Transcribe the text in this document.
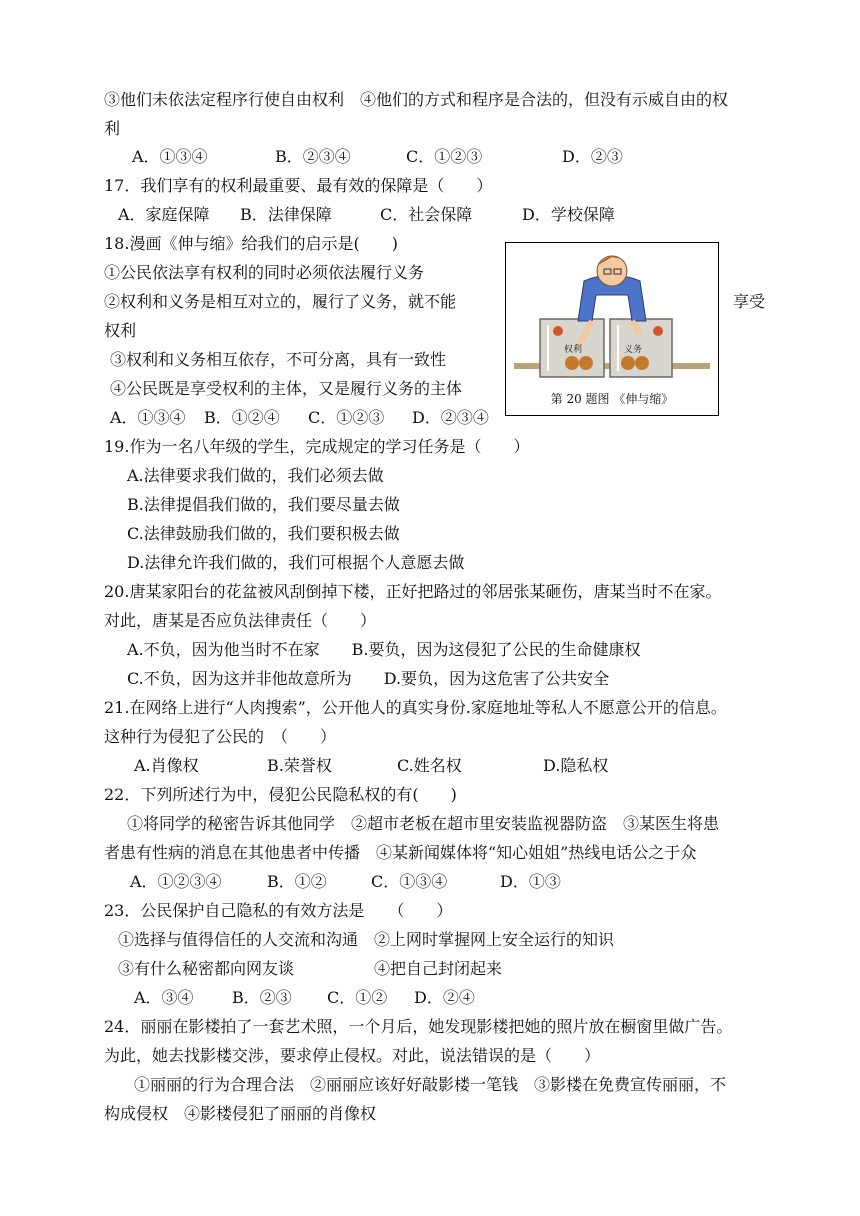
③他们未依法定程序行使自由权利　④他们的方式和程序是合法的，但没有示威自由的权
利
A．①③④	B．②③④	C．①②③	D．②③
17．我们享有的权利最重要、最有效的保障是（　　）
A．家庭保障 B．法律保障	C．社会保障	D．学校保障
18.漫画《伸与缩》给我们的启示是(　　)
①公民依法享有权利的同时必须依法履行义务
②权利和义务是相互对立的，履行了义务，就不能	享受
权利
③权利和义务相互依存，不可分离，具有一致性
④公民既是享受权利的主体，又是履行义务的主体
A．①③④ B．①②④ C．①②③ D．②③④
权利	义务
第 20 题图 《伸与缩》
19.作为一名八年级的学生，完成规定的学习任务是（　　）
A.法律要求我们做的，我们必须去做
B.法律提倡我们做的，我们要尽量去做
C.法律鼓励我们做的，我们要积极去做
D.法律允许我们做的，我们可根据个人意愿去做
20.唐某家阳台的花盆被风刮倒掉下楼，正好把路过的邻居张某砸伤，唐某当时不在家。
对此，唐某是否应负法律责任（　　）
A.不负，因为他当时不在家　　B.要负，因为这侵犯了公民的生命健康权
C.不负，因为这并非他故意所为　　D.要负，因为这危害了公共安全
21.在网络上进行“人肉搜索”，公开他人的真实身份.家庭地址等私人不愿意公开的信息。
这种行为侵犯了公民的　（　　）
A.肖像权	B.荣誉权	C.姓名权	D.隐私权
22．下列所述行为中，侵犯公民隐私权的有(　　)
①将同学的秘密告诉其他同学　②超市老板在超市里安装监视器防盗　③某医生将患
者患有性病的消息在其他患者中传播　④某新闻媒体将“知心姐姐”热线电话公之于众
A．①②③④	B．①②	C．①③④	D．①③
23．公民保护自己隐私的有效方法是　　（　　）
①选择与值得信任的人交流和沟通　②上网时掌握网上安全运行的知识
③有什么秘密都向网友谈　　　　　④把自己封闭起来
A．③④ B．②③ C．①② D．②④
24．丽丽在影楼拍了一套艺术照，一个月后，她发现影楼把她的照片放在橱窗里做广告。
为此，她去找影楼交涉，要求停止侵权。对此，说法错误的是（　　）
①丽丽的行为合理合法　②丽丽应该好好敲影楼一笔钱　③影楼在免费宣传丽丽，不
构成侵权　④影楼侵犯了丽丽的肖像权
